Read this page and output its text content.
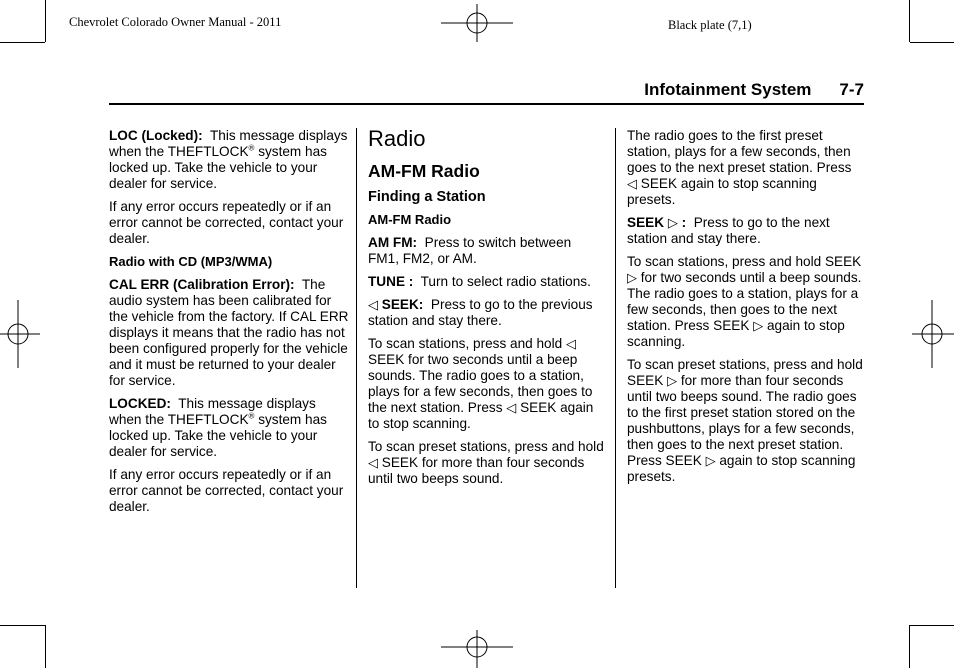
Chevrolet Colorado Owner Manual - 2011	Black plate (7,1)
Infotainment System 7-7

LOC (Locked): This message displays when the THEFTLOCK® system has locked up. Take the vehicle to your dealer for service.

If any error occurs repeatedly or if an error cannot be corrected, contact your dealer.

Radio with CD (MP3/WMA)

CAL ERR (Calibration Error): The audio system has been calibrated for the vehicle from the factory. If CAL ERR displays it means that the radio has not been configured properly for the vehicle and it must be returned to your dealer for service.

LOCKED: This message displays when the THEFTLOCK® system has locked up. Take the vehicle to your dealer for service.

If any error occurs repeatedly or if an error cannot be corrected, contact your dealer.

Radio

AM-FM Radio

Finding a Station

AM-FM Radio

AM FM: Press to switch between FM1, FM2, or AM.

TUNE : Turn to select radio stations.

◁ SEEK: Press to go to the previous station and stay there.

To scan stations, press and hold ◁ SEEK for two seconds until a beep sounds. The radio goes to a station, plays for a few seconds, then goes to the next station. Press ◁ SEEK again to stop scanning.

To scan preset stations, press and hold ◁ SEEK for more than four seconds until two beeps sound.

The radio goes to the first preset station, plays for a few seconds, then goes to the next preset station. Press ◁ SEEK again to stop scanning presets.

SEEK ▷ : Press to go to the next station and stay there.

To scan stations, press and hold SEEK ▷ for two seconds until a beep sounds. The radio goes to a station, plays for a few seconds, then goes to the next station. Press SEEK ▷ again to stop scanning.

To scan preset stations, press and hold SEEK ▷ for more than four seconds until two beeps sound. The radio goes to the first preset station stored on the pushbuttons, plays for a few seconds, then goes to the next preset station. Press SEEK ▷ again to stop scanning presets.
